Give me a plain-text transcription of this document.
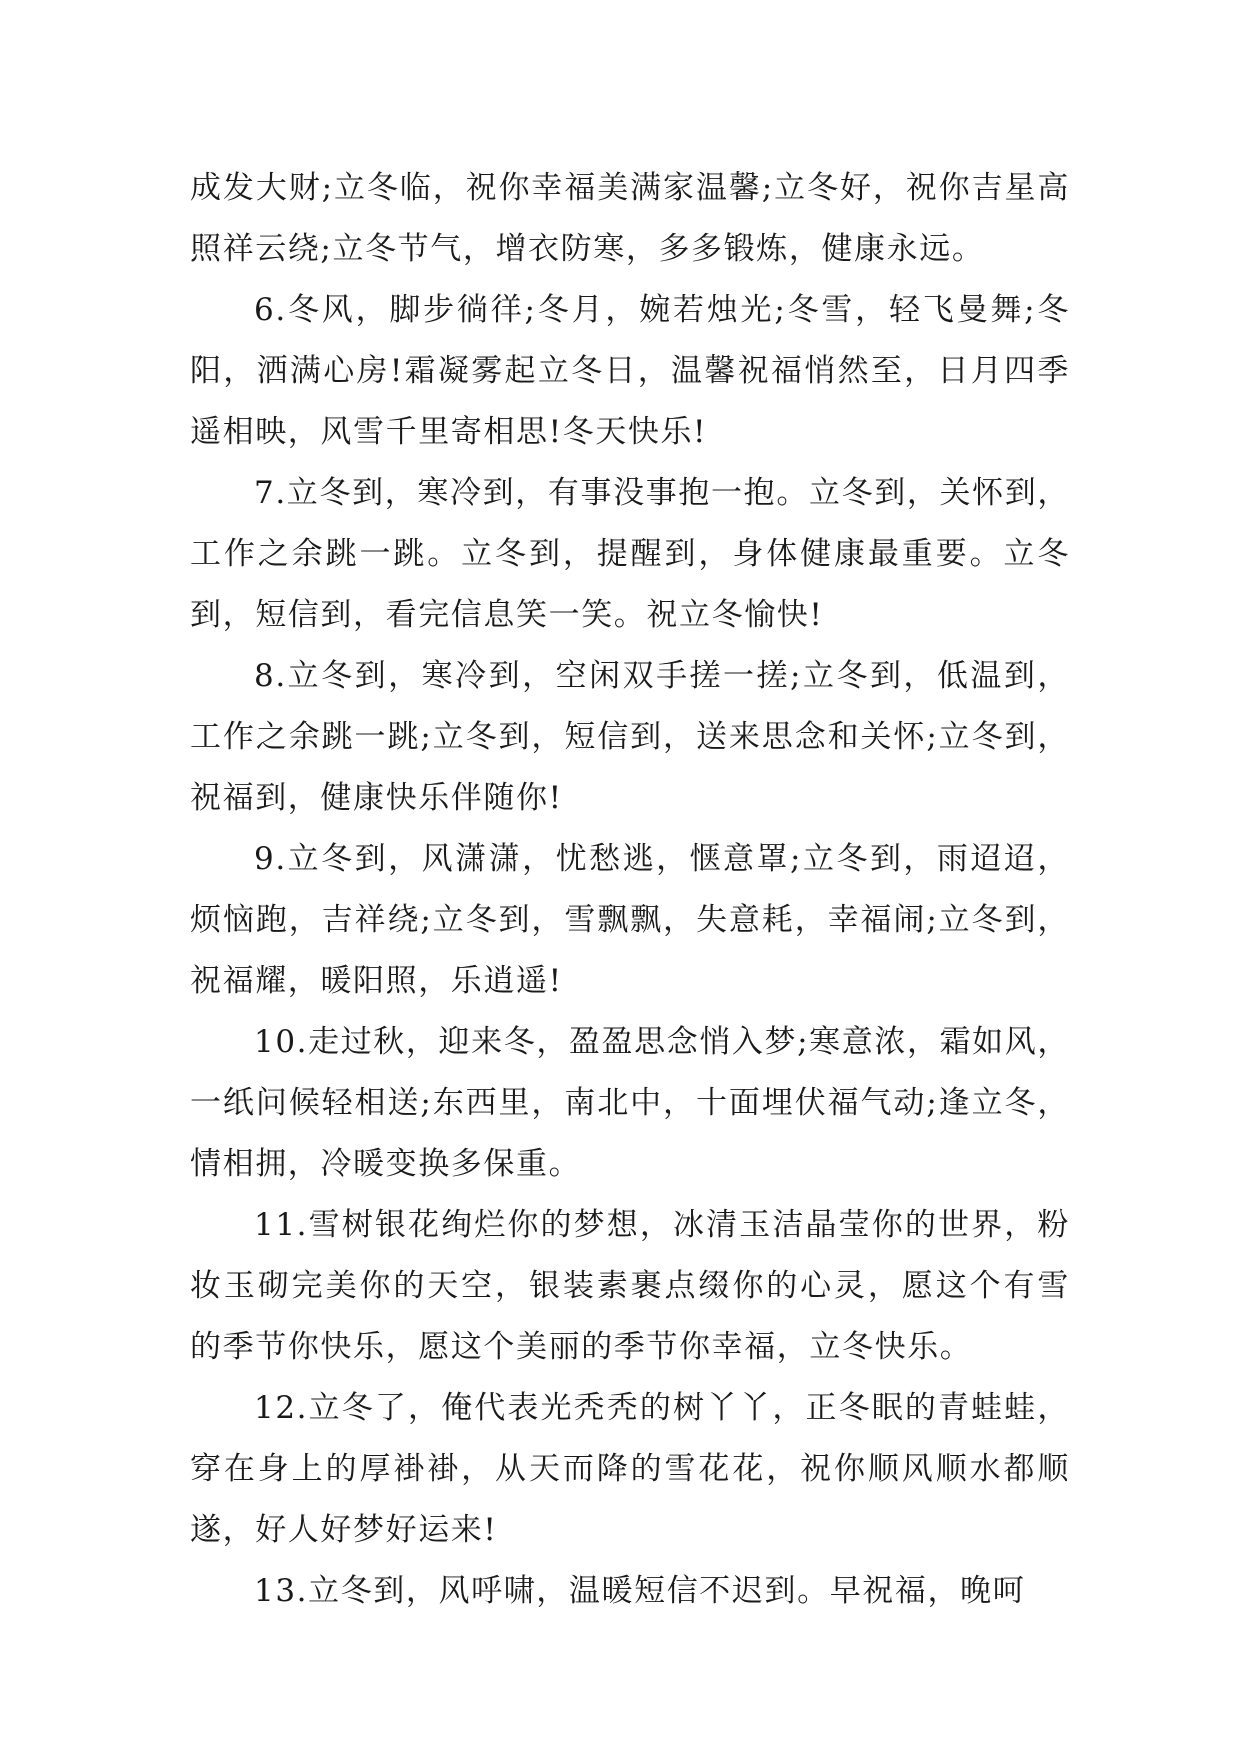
成发大财;立冬临，祝你幸福美满家温馨;立冬好，祝你吉星高照祥云绕;立冬节气，增衣防寒，多多锻炼，健康永远。

6.冬风，脚步徜徉;冬月，婉若烛光;冬雪，轻飞曼舞;冬阳，洒满心房!霜凝雾起立冬日，温馨祝福悄然至，日月四季遥相映，风雪千里寄相思!冬天快乐!

7.立冬到，寒冷到，有事没事抱一抱。立冬到，关怀到，工作之余跳一跳。立冬到，提醒到，身体健康最重要。立冬到，短信到，看完信息笑一笑。祝立冬愉快!

8.立冬到，寒冷到，空闲双手搓一搓;立冬到，低温到，工作之余跳一跳;立冬到，短信到，送来思念和关怀;立冬到，祝福到，健康快乐伴随你!

9.立冬到，风潇潇，忧愁逃，惬意罩;立冬到，雨迢迢，烦恼跑，吉祥绕;立冬到，雪飘飘，失意耗，幸福闹;立冬到，祝福耀，暖阳照，乐逍遥!

10.走过秋，迎来冬，盈盈思念悄入梦;寒意浓，霜如风，一纸问候轻相送;东西里，南北中，十面埋伏福气动;逢立冬，情相拥，冷暖变换多保重。

11.雪树银花绚烂你的梦想，冰清玉洁晶莹你的世界，粉妆玉砌完美你的天空，银装素裹点缀你的心灵，愿这个有雪的季节你快乐，愿这个美丽的季节你幸福，立冬快乐。

12.立冬了，俺代表光秃秃的树丫丫，正冬眠的青蛙蛙，穿在身上的厚褂褂，从天而降的雪花花，祝你顺风顺水都顺遂，好人好梦好运来!

13.立冬到，风呼啸，温暖短信不迟到。早祝福，晚呵
